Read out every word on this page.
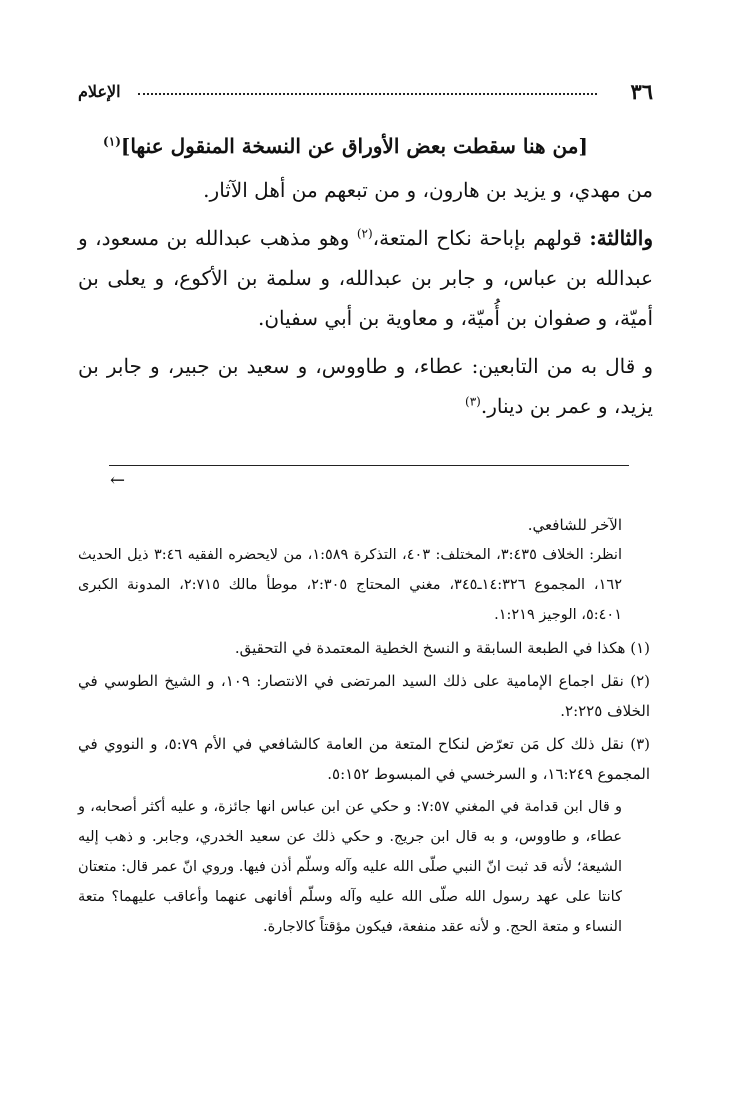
٣٦
الإعلام
[من هنا سقطت بعض الأوراق عن النسخة المنقول عنها]$^{(١)}$

من مهدي، و يزيد بن هارون، و من تبعهم من أهل الآثار.

والثالثة: قولهم بإباحة نكاح المتعة،$^{(٢)}$ وهو مذهب عبدالله بن مسعود، و عبدالله بن عباس، و جابر بن عبدالله، و سلمة بن الأكوع، و يعلى بن أميّة، و صفوان بن أُميّة، و معاوية بن أبي سفيان.

و قال به من التابعين: عطاء، و طاووس، و سعيد بن جبير، و جابر بن يزيد، و عمر بن دينار.$^{(٣)}$

←

الآخر للشافعي.

انظر: الخلاف ٣:٤٣٥، المختلف: ٤٠٣، التذكرة ١:٥٨٩، من لايحضره الفقيه ٣:٤٦ ذيل الحديث ١٦٢، المجموع ١٤:٣٢٦ـ٣٤٥، مغني المحتاج ٢:٣٠٥، موطأ مالك ٢:٧١٥، المدونة الكبرى ٥:٤٠١، الوجيز ١:٢١٩.

(١) هكذا في الطبعة السابقة و النسخ الخطية المعتمدة في التحقيق.

(٢) نقل اجماع الإمامية على ذلك السيد المرتضى في الانتصار: ١٠٩، و الشيخ الطوسي في الخلاف ٢:٢٢٥.

(٣) نقل ذلك كل مَن تعرّض لنكاح المتعة من العامة كالشافعي في الأم ٥:٧٩، و النووي في المجموع ١٦:٢٤٩، و السرخسي في المبسوط ٥:١٥٢.

و قال ابن قدامة في المغني ٧:٥٧: و حكي عن ابن عباس انها جائزة، و عليه أكثر أصحابه، و عطاء، و طاووس، و به قال ابن جريج. و حكي ذلك عن سعيد الخدري، وجابر. و ذهب إليه الشيعة؛ لأنه قد ثبت انّ النبي صلّى الله عليه وآله وسلّم أذن فيها. وروي انّ عمر قال: متعتان كانتا على عهد رسول الله صلّى الله عليه وآله وسلّم أفانهى عنهما وأعاقب عليهما؟ متعة النساء و متعة الحج. و لأنه عقد منفعة، فيكون مؤقتاً كالاجارة.
